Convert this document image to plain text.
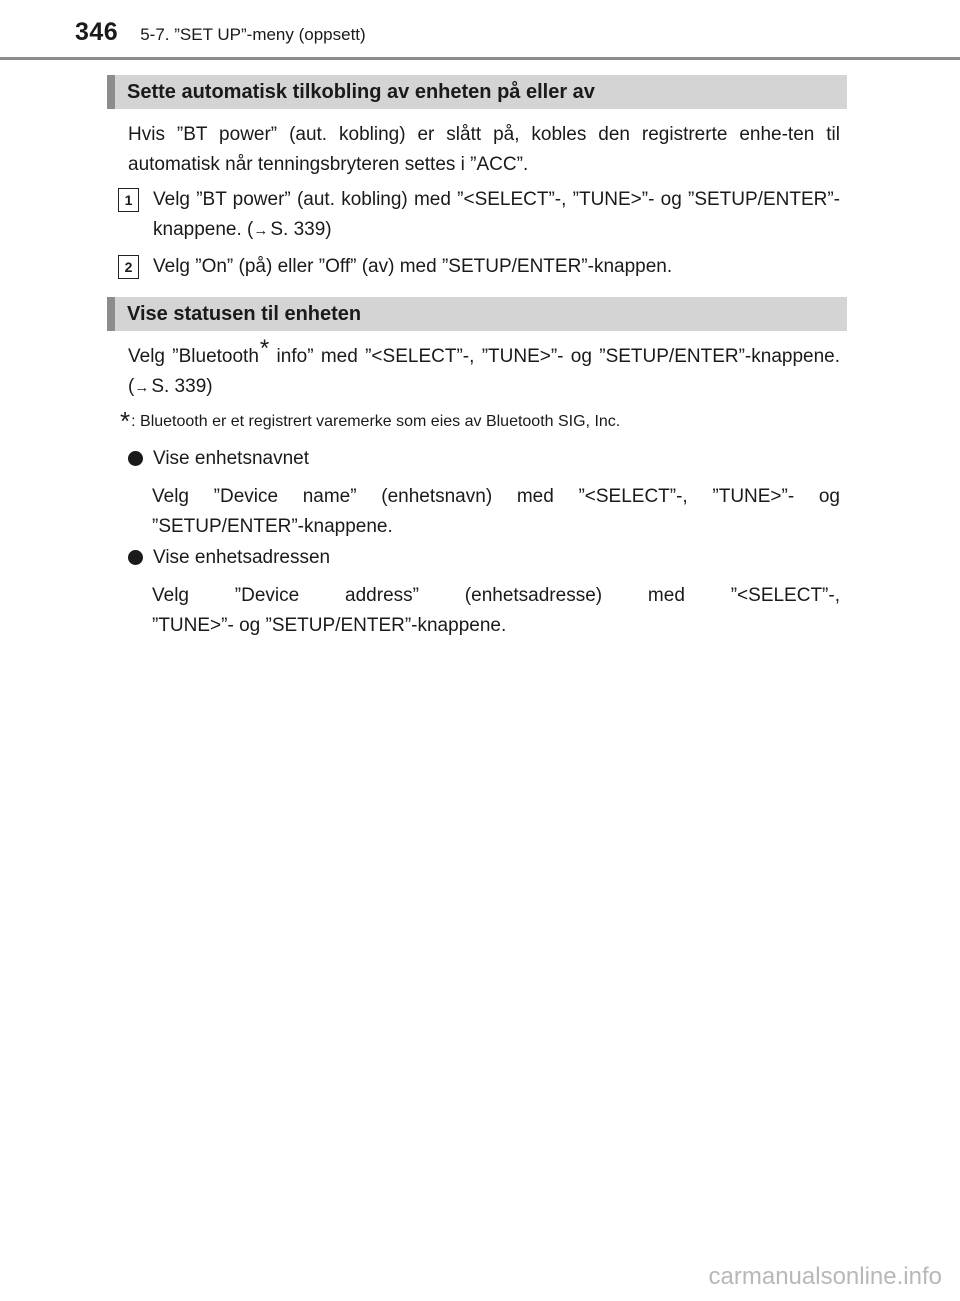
346 5-7. ”SET UP”-meny (oppsett)
Sette automatisk tilkobling av enheten på eller av
Hvis ”BT power” (aut. kobling) er slått på, kobles den registrerte enhe-ten til automatisk når tenningsbryteren settes i ”ACC”.
1	Velg ”BT power” (aut. kobling) med ”<SELECT”-, ”TUNE>”- og ”SETUP/ENTER”-knappene. (→ S. 339)
2	Velg ”On” (på) eller ”Off” (av) med ”SETUP/ENTER”-knappen.
Vise statusen til enheten
Velg ”Bluetooth* info” med ”<SELECT”-, ”TUNE>”- og ”SETUP/ENTER”-knappene. (→ S. 339)
*: Bluetooth er et registrert varemerke som eies av Bluetooth SIG, Inc.
Vise enhetsnavnet
Velg ”Device name” (enhetsnavn) med ”<SELECT”-, ”TUNE>”- og ”SETUP/ENTER”-knappene.
Vise enhetsadressen
Velg ”Device address” (enhetsadresse) med ”<SELECT”-,
”TUNE>”- og ”SETUP/ENTER”-knappene.
carmanualsonline.info
